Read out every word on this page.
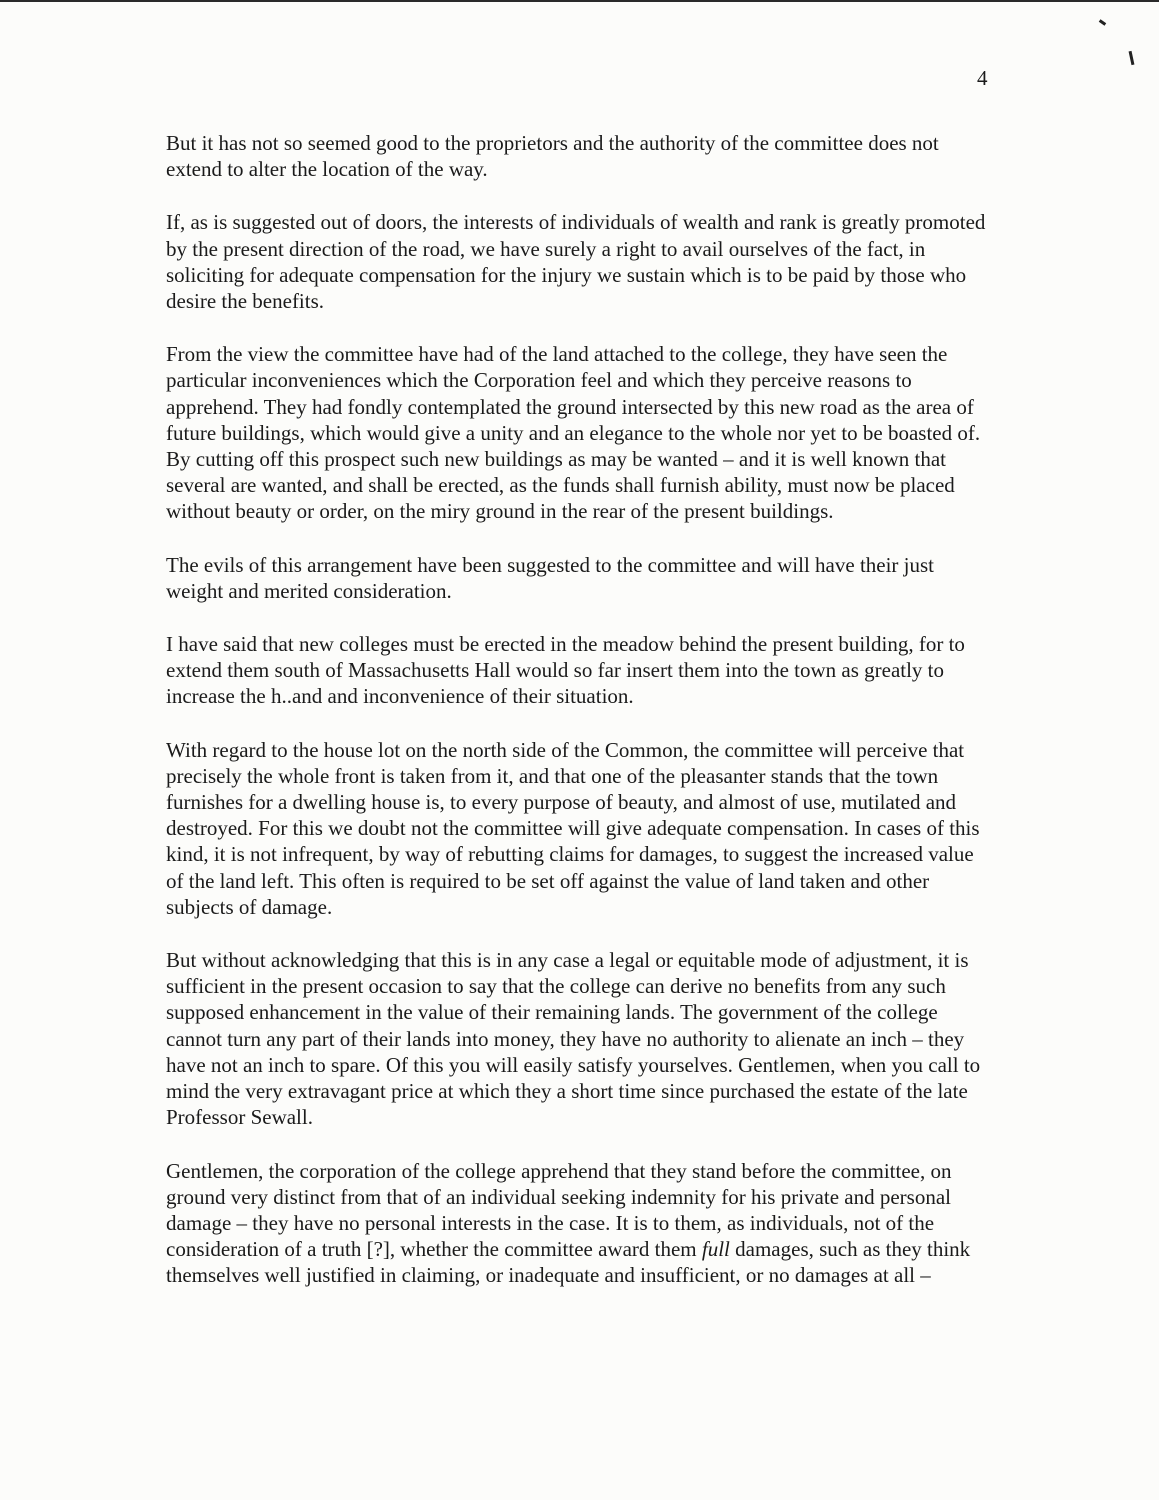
4

But it has not so seemed good to the proprietors and the authority of the committee does not extend to alter the location of the way.

If, as is suggested out of doors, the interests of individuals of wealth and rank is greatly promoted by the present direction of the road, we have surely a right to avail ourselves of the fact, in soliciting for adequate compensation for the injury we sustain which is to be paid by those who desire the benefits.

From the view the committee have had of the land attached to the college, they have seen the particular inconveniences which the Corporation feel and which they perceive reasons to apprehend. They had fondly contemplated the ground intersected by this new road as the area of future buildings, which would give a unity and an elegance to the whole nor yet to be boasted of. By cutting off this prospect such new buildings as may be wanted – and it is well known that several are wanted, and shall be erected, as the funds shall furnish ability, must now be placed without beauty or order, on the miry ground in the rear of the present buildings.

The evils of this arrangement have been suggested to the committee and will have their just weight and merited consideration.

I have said that new colleges must be erected in the meadow behind the present building, for to extend them south of Massachusetts Hall would so far insert them into the town as greatly to increase the h..and and inconvenience of their situation.

With regard to the house lot on the north side of the Common, the committee will perceive that precisely the whole front is taken from it, and that one of the pleasanter stands that the town furnishes for a dwelling house is, to every purpose of beauty, and almost of use, mutilated and destroyed. For this we doubt not the committee will give adequate compensation. In cases of this kind, it is not infrequent, by way of rebutting claims for damages, to suggest the increased value of the land left. This often is required to be set off against the value of land taken and other subjects of damage.

But without acknowledging that this is in any case a legal or equitable mode of adjustment, it is sufficient in the present occasion to say that the college can derive no benefits from any such supposed enhancement in the value of their remaining lands. The government of the college cannot turn any part of their lands into money, they have no authority to alienate an inch – they have not an inch to spare. Of this you will easily satisfy yourselves. Gentlemen, when you call to mind the very extravagant price at which they a short time since purchased the estate of the late Professor Sewall.

Gentlemen, the corporation of the college apprehend that they stand before the committee, on ground very distinct from that of an individual seeking indemnity for his private and personal damage – they have no personal interests in the case. It is to them, as individuals, not of the consideration of a truth [?], whether the committee award them full damages, such as they think themselves well justified in claiming, or inadequate and insufficient, or no damages at all –
